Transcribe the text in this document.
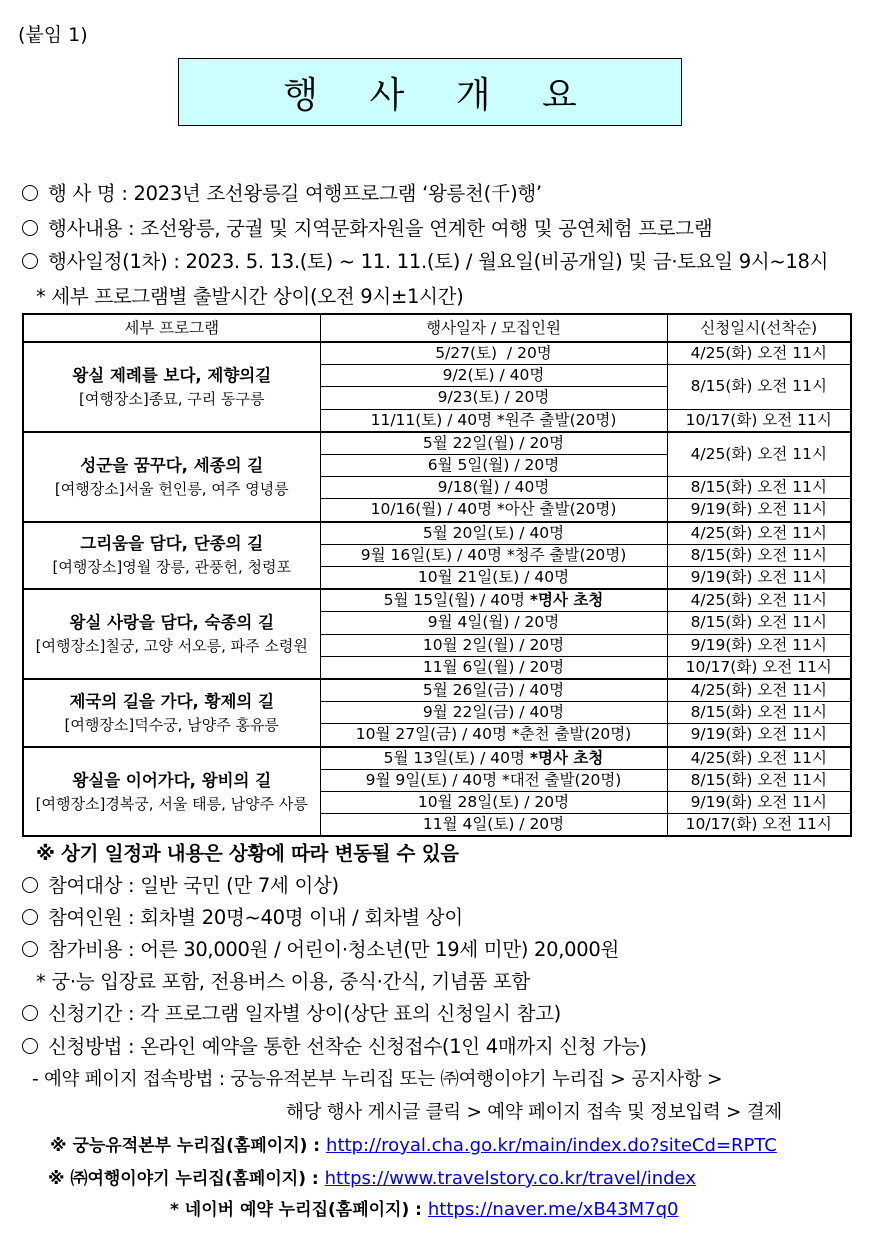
(붙임 1)
행 사 개 요
행 사 명 : 2023년 조선왕릉길 여행프로그램 ‘왕릉천(千)행’
행사내용 : 조선왕릉, 궁궐 및 지역문화자원을 연계한 여행 및 공연체험 프로그램
행사일정(1차) : 2023. 5. 13.(토) ~ 11. 11.(토) / 월요일(비공개일) 및 금·토요일 9시~18시
* 세부 프로그램별 출발시간 상이(오전 9시±1시간)
세부 프로그램	행사일자 / 모집인원	신청일시(선착순)

왕실 제례를 보다, 제향의길
[여행장소]종묘, 구리 동구릉	5/27(토)  / 20명	4/25(화) 오전 11시
	9/2(토) / 40명	8/15(화) 오전 11시
	9/23(토) / 20명	
	11/11(토) / 40명 *원주 출발(20명)	10/17(화) 오전 11시

성군을 꿈꾸다, 세종의 길
[여행장소]서울 헌인릉, 여주 영녕릉	5월 22일(월) / 20명	4/25(화) 오전 11시
	6월 5일(월) / 20명	
	9/18(월) / 40명	8/15(화) 오전 11시
	10/16(월) / 40명 *아산 출발(20명)	9/19(화) 오전 11시

그리움을 담다, 단종의 길
[여행장소]영월 장릉, 관풍헌, 청령포	5월 20일(토) / 40명	4/25(화) 오전 11시
	9월 16일(토) / 40명 *청주 출발(20명)	8/15(화) 오전 11시
	10월 21일(토) / 40명	9/19(화) 오전 11시

왕실 사랑을 담다, 숙종의 길
[여행장소]칠궁, 고양 서오릉, 파주 소령원	5월 15일(월) / 40명 *명사 초청	4/25(화) 오전 11시
	9월 4일(월) / 20명	8/15(화) 오전 11시
	10월 2일(월) / 20명	9/19(화) 오전 11시
	11월 6일(월) / 20명	10/17(화) 오전 11시

제국의 길을 가다, 황제의 길
[여행장소]덕수궁, 남양주 홍유릉	5월 26일(금) / 40명	4/25(화) 오전 11시
	9월 22일(금) / 40명	8/15(화) 오전 11시
	10월 27일(금) / 40명 *춘천 출발(20명)	9/19(화) 오전 11시

왕실을 이어가다, 왕비의 길
[여행장소]경복궁, 서울 태릉, 남양주 사릉	5월 13일(토) / 40명 *명사 초청	4/25(화) 오전 11시
	9월 9일(토) / 40명 *대전 출발(20명)	8/15(화) 오전 11시
	10월 28일(토) / 20명	9/19(화) 오전 11시
	11월 4일(토) / 20명	10/17(화) 오전 11시
※ 상기 일정과 내용은 상황에 따라 변동될 수 있음
참여대상 : 일반 국민 (만 7세 이상)
참여인원 : 회차별 20명~40명 이내 / 회차별 상이
참가비용 : 어른 30,000원 / 어린이·청소년(만 19세 미만) 20,000원
* 궁·능 입장료 포함, 전용버스 이용, 중식·간식, 기념품 포함
신청기간 : 각 프로그램 일자별 상이(상단 표의 신청일시 참고)
신청방법 : 온라인 예약을 통한 선착순 신청접수(1인 4매까지 신청 가능)
- 예약 페이지 접속방법 : 궁능유적본부 누리집 또는 ㈜여행이야기 누리집 > 공지사항 >
해당 행사 게시글 클릭 > 예약 페이지 접속 및 정보입력 > 결제
※ 궁능유적본부 누리집(홈페이지) : http://royal.cha.go.kr/main/index.do?siteCd=RPTC
※ ㈜여행이야기 누리집(홈페이지) : https://www.travelstory.co.kr/travel/index
* 네이버 예약 누리집(홈페이지) : https://naver.me/xB43M7q0
